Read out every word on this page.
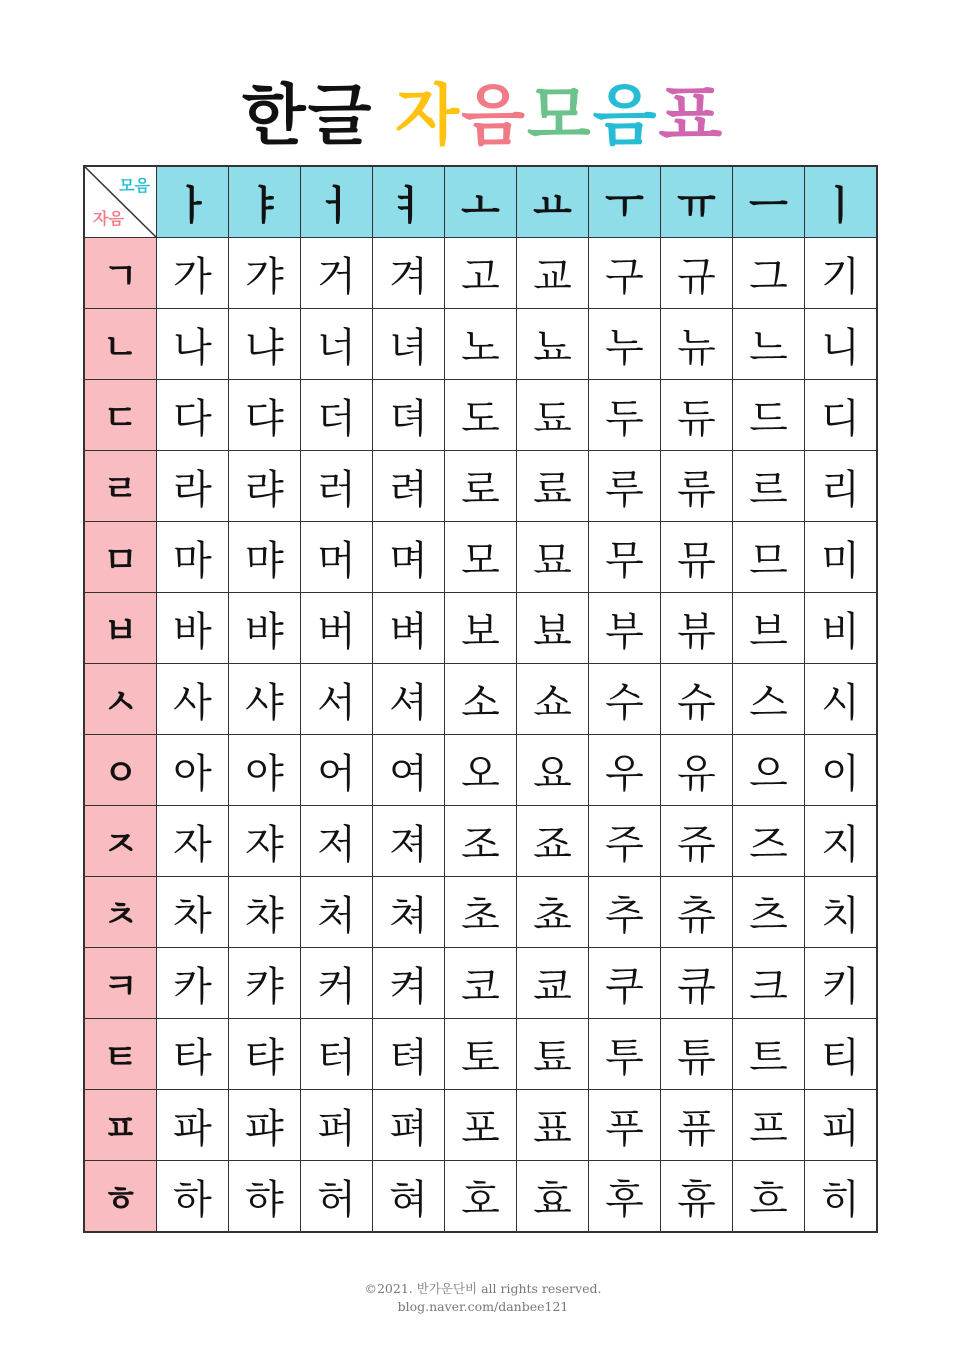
한글 자음모음표
모음
자음	ㅏ	ㅑ	ㅓ	ㅕ	ㅗ	ㅛ	ㅜ	ㅠ	ㅡ	ㅣ
ㄱ	가	갸	거	겨	고	교	구	규	그	기
ㄴ	나	냐	너	녀	노	뇨	누	뉴	느	니
ㄷ	다	댜	더	뎌	도	됴	두	듀	드	디
ㄹ	라	랴	러	려	로	료	루	류	르	리
ㅁ	마	먀	머	며	모	묘	무	뮤	므	미
ㅂ	바	뱌	버	벼	보	뵤	부	뷰	브	비
ㅅ	사	샤	서	셔	소	쇼	수	슈	스	시
ㅇ	아	야	어	여	오	요	우	유	으	이
ㅈ	자	쟈	저	져	조	죠	주	쥬	즈	지
ㅊ	차	챠	처	쳐	초	쵸	추	츄	츠	치
ㅋ	카	캬	커	켜	코	쿄	쿠	큐	크	키
ㅌ	타	탸	터	텨	토	툐	투	튜	트	티
ㅍ	파	퍄	퍼	펴	포	표	푸	퓨	프	피
ㅎ	하	햐	허	혀	호	효	후	휴	흐	히
©2021. 반가운단비 all rights reserved.
blog.naver.com/danbee121
